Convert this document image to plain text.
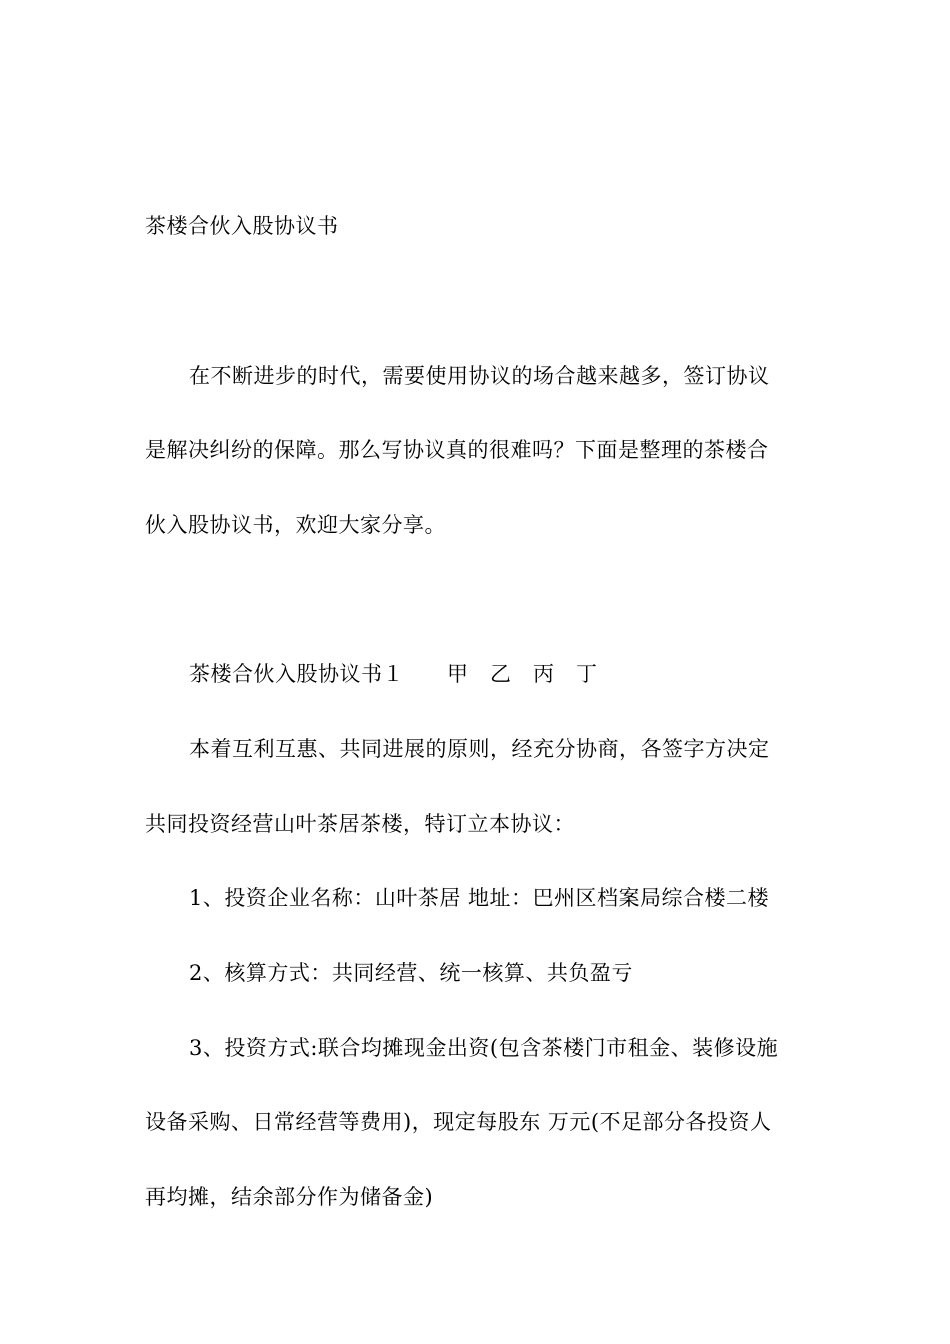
茶楼合伙入股协议书
在不断进步的时代，需要使用协议的场合越来越多，签订协议
是解决纠纷的保障。那么写协议真的很难吗？下面是整理的茶楼合
伙入股协议书，欢迎大家分享。
茶楼合伙入股协议书１　　甲　乙　丙　丁
本着互利互惠、共同进展的原则，经充分协商，各签字方决定
共同投资经营山叶茶居茶楼，特订立本协议：
1、投资企业名称：山叶茶居 地址：巴州区档案局综合楼二楼
2、核算方式：共同经营、统一核算、共负盈亏
3、投资方式:联合均摊现金出资(包含茶楼门市租金、装修设施
设备采购、日常经营等费用)，现定每股东 万元(不足部分各投资人
再均摊，结余部分作为储备金)
